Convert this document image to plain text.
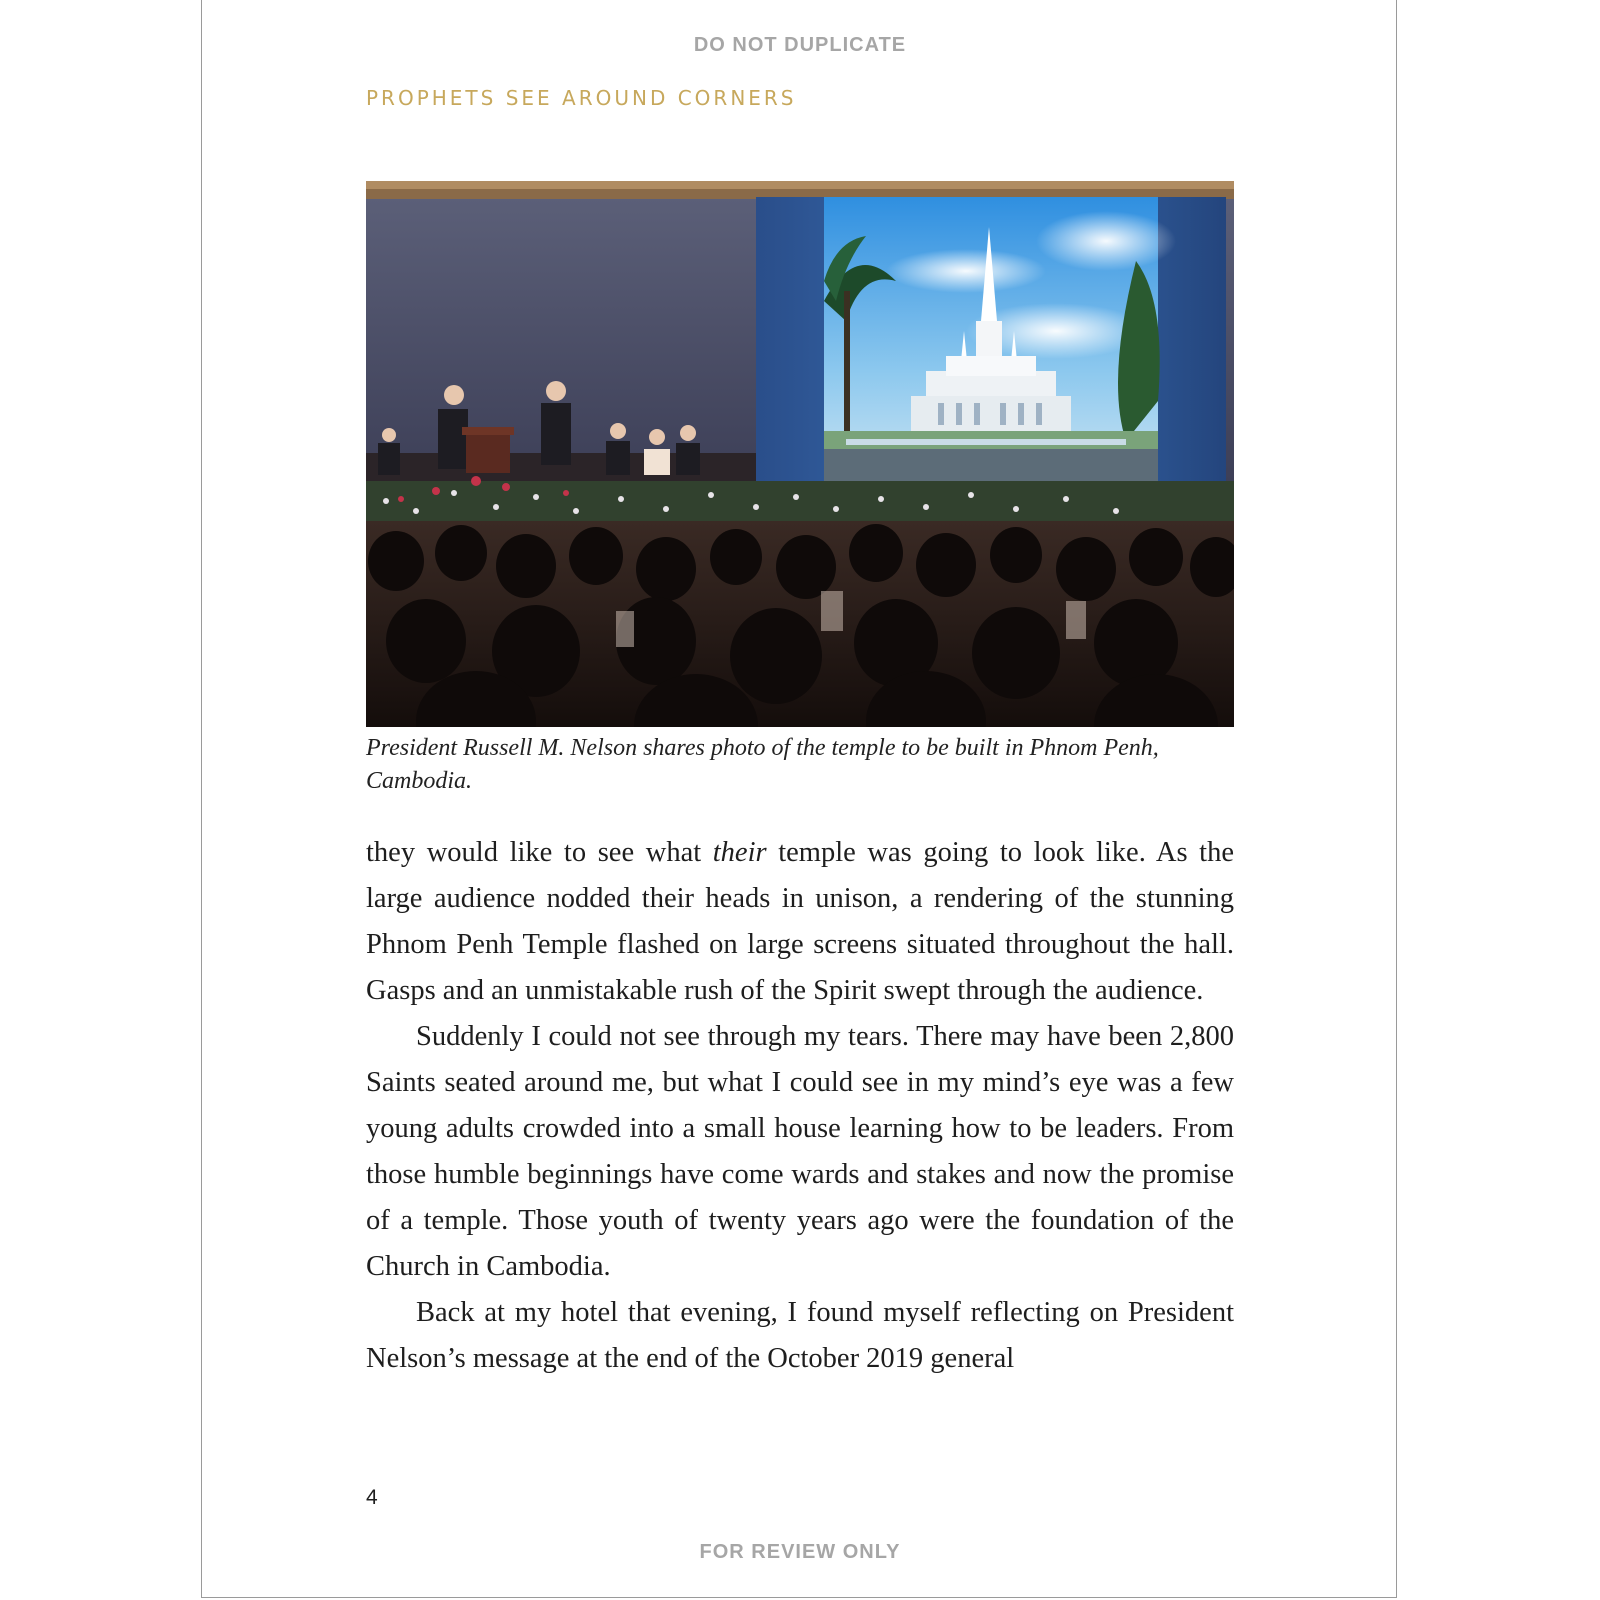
DO NOT DUPLICATE
PROPHETS SEE AROUND CORNERS
President Russell M. Nelson shares photo of the temple to be built in Phnom Penh, Cambodia.

they would like to see what their temple was going to look like. As the large audience nodded their heads in unison, a rendering of the stunning Phnom Penh Temple flashed on large screens situated throughout the hall. Gasps and an unmistakable rush of the Spirit swept through the audience.

Suddenly I could not see through my tears. There may have been 2,800 Saints seated around me, but what I could see in my mind’s eye was a few young adults crowded into a small house learning how to be leaders. From those humble beginnings have come wards and stakes and now the promise of a temple. Those youth of twenty years ago were the foundation of the Church in Cambodia.

Back at my hotel that evening, I found myself reflecting on President Nelson’s message at the end of the October 2019 general

4
FOR REVIEW ONLY
